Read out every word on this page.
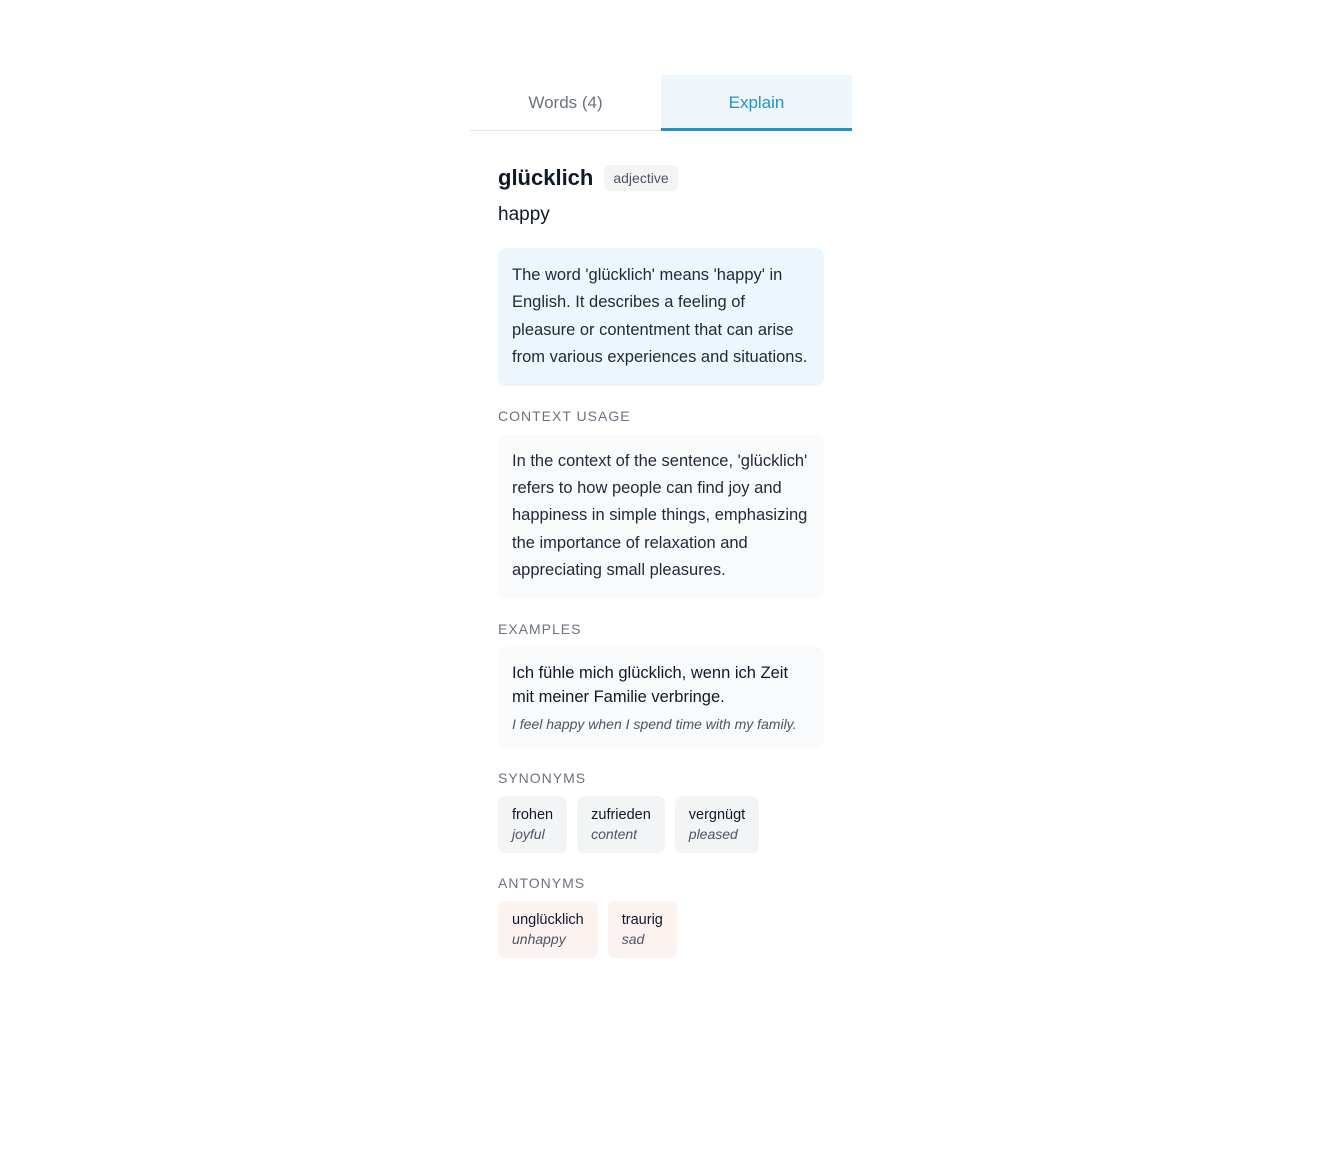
Words (4)	Explain
glücklich	adjective
happy
The word 'glücklich' means 'happy' in English. It describes a feeling of pleasure or contentment that can arise from various experiences and situations.
CONTEXT USAGE
In the context of the sentence, 'glücklich' refers to how people can find joy and happiness in simple things, emphasizing the importance of relaxation and appreciating small pleasures.
EXAMPLES
Ich fühle mich glücklich, wenn ich Zeit mit meiner Familie verbringe.
I feel happy when I spend time with my family.
SYNONYMS
frohen
joyful
zufrieden
content
vergnügt
pleased
ANTONYMS
unglücklich
unhappy
traurig
sad
